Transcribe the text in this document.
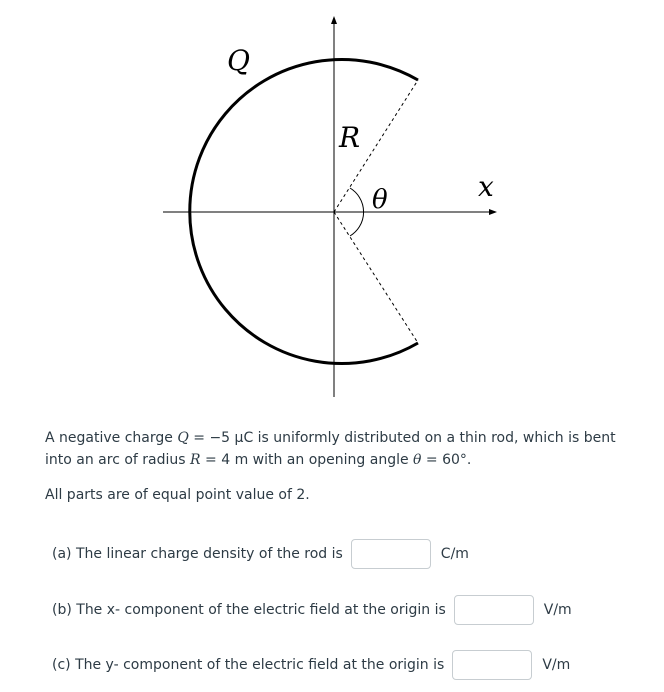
Q
R
θ	x
A negative charge Q = −5 μC is uniformly distributed on a thin rod, which is bent
into an arc of radius R = 4 m with an opening angle θ = 60°.
All parts are of equal point value of 2.
(a) The linear charge density of the rod is	C/m
(b) The x- component of the electric field at the origin is	V/m
(c) The y- component of the electric field at the origin is	V/m
